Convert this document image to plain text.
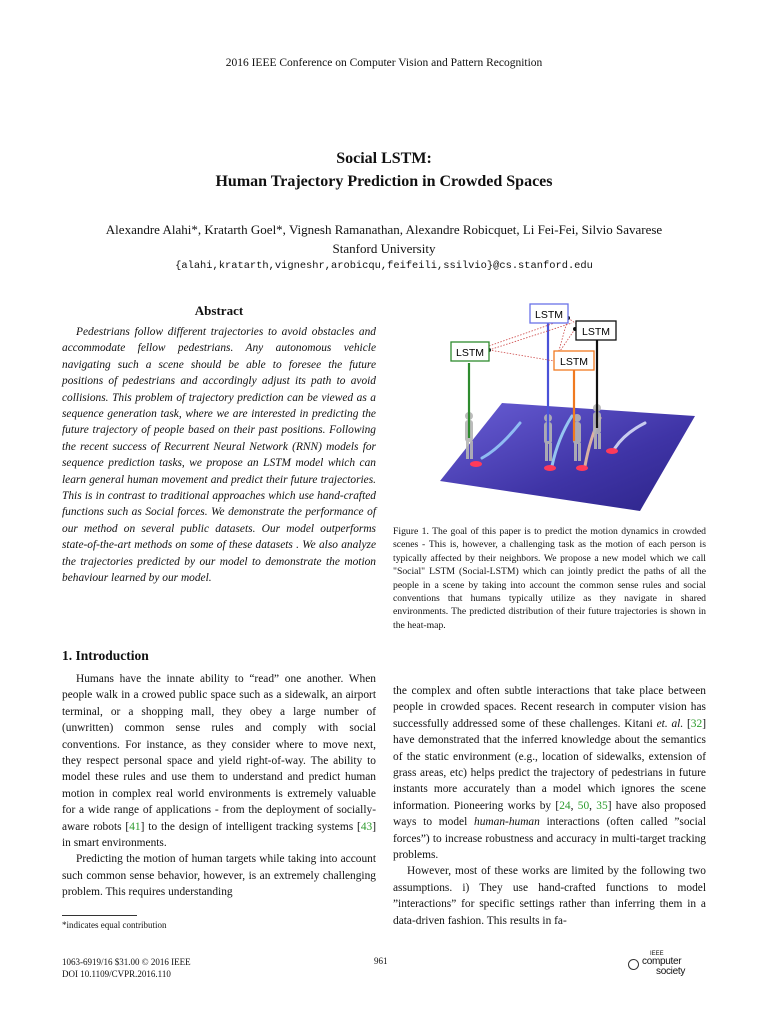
2016 IEEE Conference on Computer Vision and Pattern Recognition
Social LSTM:
Human Trajectory Prediction in Crowded Spaces
Alexandre Alahi*, Kratarth Goel*, Vignesh Ramanathan, Alexandre Robicquet, Li Fei-Fei, Silvio Savarese
Stanford University
{alahi,kratarth,vigneshr,arobicqu,feifeili,ssilvio}@cs.stanford.edu
Abstract

Pedestrians follow different trajectories to avoid obstacles and accommodate fellow pedestrians. Any autonomous vehicle navigating such a scene should be able to foresee the future positions of pedestrians and accordingly adjust its path to avoid collisions. This problem of trajectory prediction can be viewed as a sequence generation task, where we are interested in predicting the future trajectory of people based on their past positions. Following the recent success of Recurrent Neural Network (RNN) models for sequence prediction tasks, we propose an LSTM model which can learn general human movement and predict their future trajectories. This is in contrast to traditional approaches which use hand-crafted functions such as Social forces. We demonstrate the performance of our method on several public datasets. Our model outperforms state-of-the-art methods on some of these datasets . We also analyze the trajectories predicted by our model to demonstrate the motion behaviour learned by our model.

LSTM
LSTM
LSTM
LSTM

Figure 1. The goal of this paper is to predict the motion dynamics in crowded scenes - This is, however, a challenging task as the motion of each person is typically affected by their neighbors. We propose a new model which we call "Social" LSTM (Social-LSTM) which can jointly predict the paths of all the people in a scene by taking into account the common sense rules and social conventions that humans typically utilize as they navigate in shared environments. The predicted distribution of their future trajectories is shown in the heat-map.

1. Introduction

Humans have the innate ability to “read” one another. When people walk in a crowed public space such as a sidewalk, an airport terminal, or a shopping mall, they obey a large number of (unwritten) common sense rules and comply with social conventions. For instance, as they consider where to move next, they respect personal space and yield right-of-way. The ability to model these rules and use them to understand and predict human motion in complex real world environments is extremely valuable for a wide range of applications - from the deployment of socially-aware robots [41] to the design of intelligent tracking systems [43] in smart environments.

Predicting the motion of human targets while taking into account such common sense behavior, however, is an extremely challenging problem. This requires understanding

the complex and often subtle interactions that take place between people in crowded spaces. Recent research in computer vision has successfully addressed some of these challenges. Kitani et. al. [32] have demonstrated that the inferred knowledge about the semantics of the static environment (e.g., location of sidewalks, extension of grass areas, etc) helps predict the trajectory of pedestrians in future instants more accurately than a model which ignores the scene information. Pioneering works by [24, 50, 35] have also proposed ways to model human-human interactions (often called ”social forces”) to increase robustness and accuracy in multi-target tracking problems.

However, most of these works are limited by the following two assumptions. i) They use hand-crafted functions to model ”interactions” for specific settings rather than inferring them in a data-driven fashion. This results in fa-

*indicates equal contribution
1063-6919/16 $31.00 © 2016 IEEE
DOI 10.1109/CVPR.2016.110
961
IEEE
computer
society
